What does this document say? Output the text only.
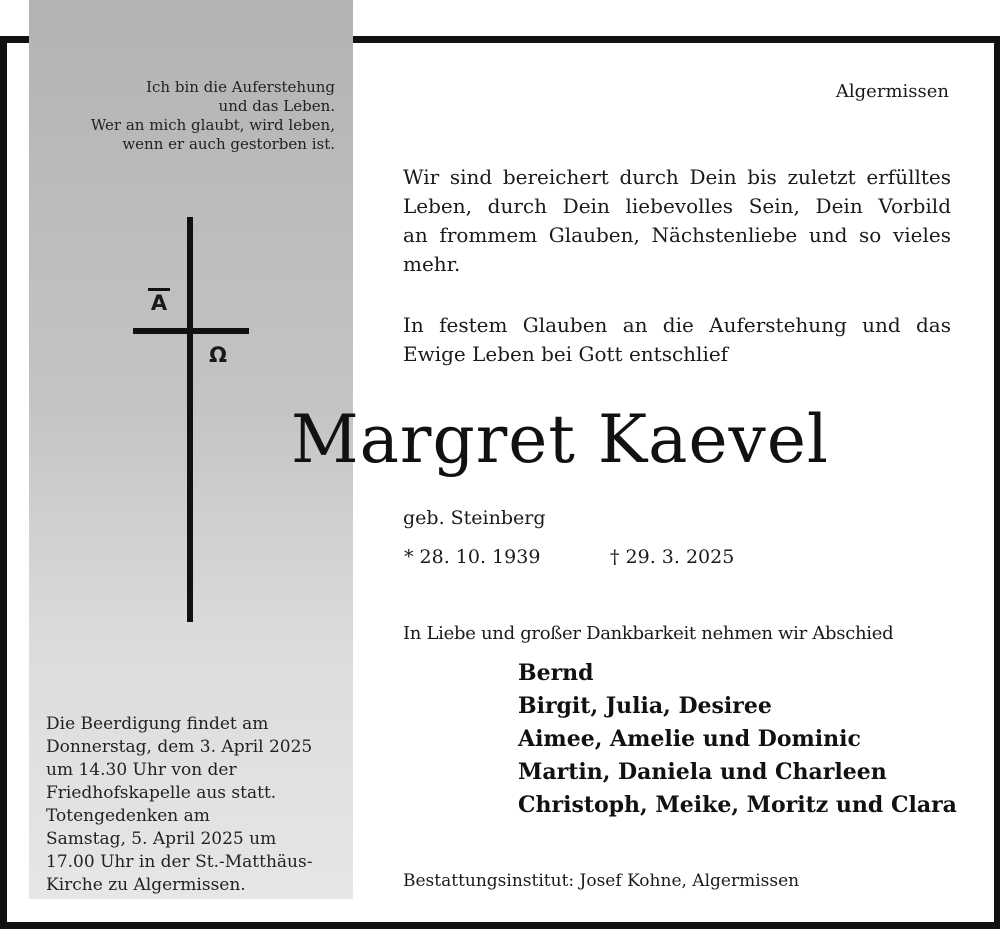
Ich bin die Auferstehung
und das Leben.
Wer an mich glaubt, wird leben,
wenn er auch gestorben ist.
A
Ω
Die Beerdigung findet am
Donnerstag, dem 3. April 2025
um 14.30 Uhr von der
Friedhofskapelle aus statt.
Totengedenken am
Samstag, 5. April 2025 um
17.00 Uhr in der St.-Matthäus-
Kirche zu Algermissen.
Algermissen
Wir sind bereichert durch Dein bis zuletzt erfülltes
Leben, durch Dein liebevolles Sein, Dein Vorbild
an frommem Glauben, Nächstenliebe und so vieles
mehr.
In festem Glauben an die Auferstehung und das
Ewige Leben bei Gott entschlief
Margret Kaevel
geb. Steinberg
* 28. 10. 1939	† 29. 3. 2025
In Liebe und großer Dankbarkeit nehmen wir Abschied
Bernd
Birgit, Julia, Desiree
Aimee, Amelie und Dominic
Martin, Daniela und Charleen
Christoph, Meike, Moritz und Clara
Bestattungsinstitut: Josef Kohne, Algermissen
